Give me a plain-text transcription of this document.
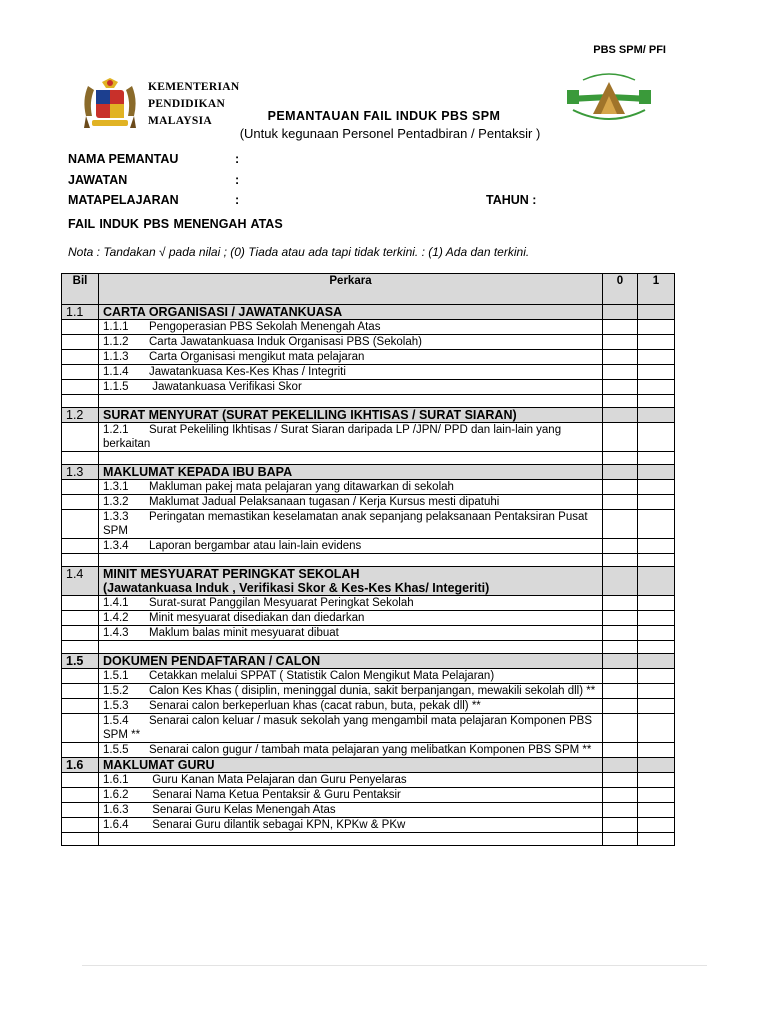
PBS SPM/ PFI
KEMENTERIAN
PENDIDIKAN
MALAYSIA	PEMANTAUAN FAIL INDUK PBS SPM
(Untuk kegunaan Personel Pentadbiran / Pentaksir )
NAMA PEMANTAU	:
JAWATAN	:
MATAPELAJARAN	:	TAHUN :
FAIL INDUK PBS MENENGAH ATAS
Nota : Tandakan √ pada nilai ; (0) Tiada atau ada tapi tidak terkini. : (1) Ada dan terkini.
Bil	Perkara	0	1
1.1	CARTA ORGANISASI / JAWATANKUASA		

	1.1.1 Pengoperasian PBS Sekolah Menengah Atas		
	1.1.2 Carta Jawatankuasa Induk Organisasi PBS (Sekolah)		
	1.1.3 Carta Organisasi mengikut mata pelajaran		
	1.1.4 Jawatankuasa Kes-Kes Khas / Integriti		
	1.1.5 Jawatankuasa Verifikasi Skor		

1.2	SURAT MENYURAT (SURAT PEKELILING IKHTISAS / SURAT SIARAN)		

	1.2.1 Surat Pekeliling Ikhtisas / Surat Siaran daripada LP /JPN/ PPD dan lain-lain yang berkaitan		

1.3	MAKLUMAT KEPADA IBU BAPA		

	1.3.1 Makluman pakej mata pelajaran yang ditawarkan di sekolah		
	1.3.2 Maklumat Jadual Pelaksanaan tugasan / Kerja Kursus mesti dipatuhi		
	1.3.3 Peringatan memastikan keselamatan anak sepanjang pelaksanaan Pentaksiran Pusat SPM		
	1.3.4 Laporan bergambar atau lain-lain evidens		

1.4	MINIT MESYUARAT PERINGKAT SEKOLAH
(Jawatankuasa Induk , Verifikasi Skor & Kes-Kes Khas/ Integeriti)		

	1.4.1 Surat-surat Panggilan Mesyuarat Peringkat Sekolah		
	1.4.2 Minit mesyuarat disediakan dan diedarkan		
	1.4.3 Maklum balas minit mesyuarat dibuat		

1.5	DOKUMEN PENDAFTARAN / CALON		

	1.5.1 Cetakkan melalui SPPAT ( Statistik Calon Mengikut Mata Pelajaran)		
	1.5.2 Calon Kes Khas ( disiplin, meninggal dunia, sakit berpanjangan, mewakili sekolah dll) **		
	1.5.3 Senarai calon berkeperluan khas (cacat rabun, buta, pekak dll) **		
	1.5.4 Senarai calon keluar / masuk sekolah yang mengambil mata pelajaran Komponen PBS SPM **		
	1.5.5 Senarai calon gugur / tambah mata pelajaran yang melibatkan Komponen PBS SPM **		
1.6	MAKLUMAT GURU		

	1.6.1 Guru Kanan Mata Pelajaran dan Guru Penyelaras		
	1.6.2 Senarai Nama Ketua Pentaksir & Guru Pentaksir		
	1.6.3 Senarai Guru Kelas Menengah Atas		
	1.6.4 Senarai Guru dilantik sebagai KPN, KPKw & PKw		
